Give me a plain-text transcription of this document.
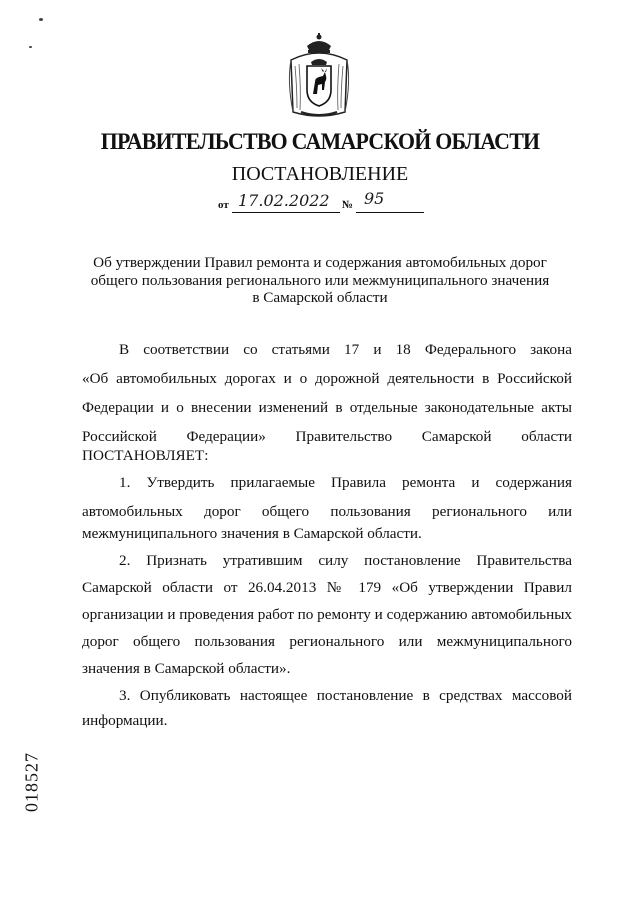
ПРАВИТЕЛЬСТВО САМАРСКОЙ ОБЛАСТИ
ПОСТАНОВЛЕНИЕ
от 17.02.2022 № 95
Об утверждении Правил ремонта и содержания автомобильных дорог
общего пользования регионального или межмуниципального значения
в Самарской области
В соответствии со статьями 17 и 18 Федерального закона
«Об автомобильных дорогах и о дорожной деятельности в Российской
Федерации и о внесении изменений в отдельные законодательные акты
Российской Федерации» Правительство Самарской области
ПОСТАНОВЛЯЕТ:
1. Утвердить прилагаемые Правила ремонта и содержания
автомобильных дорог общего пользования регионального или
межмуниципального значения в Самарской области.
2. Признать утратившим силу постановление Правительства
Самарской области от 26.04.2013 № 179 «Об утверждении Правил
организации и проведения работ по ремонту и содержанию автомобильных
дорог общего пользования регионального или межмуниципального
значения в Самарской области».
3. Опубликовать настоящее постановление в средствах массовой
информации.
018527
